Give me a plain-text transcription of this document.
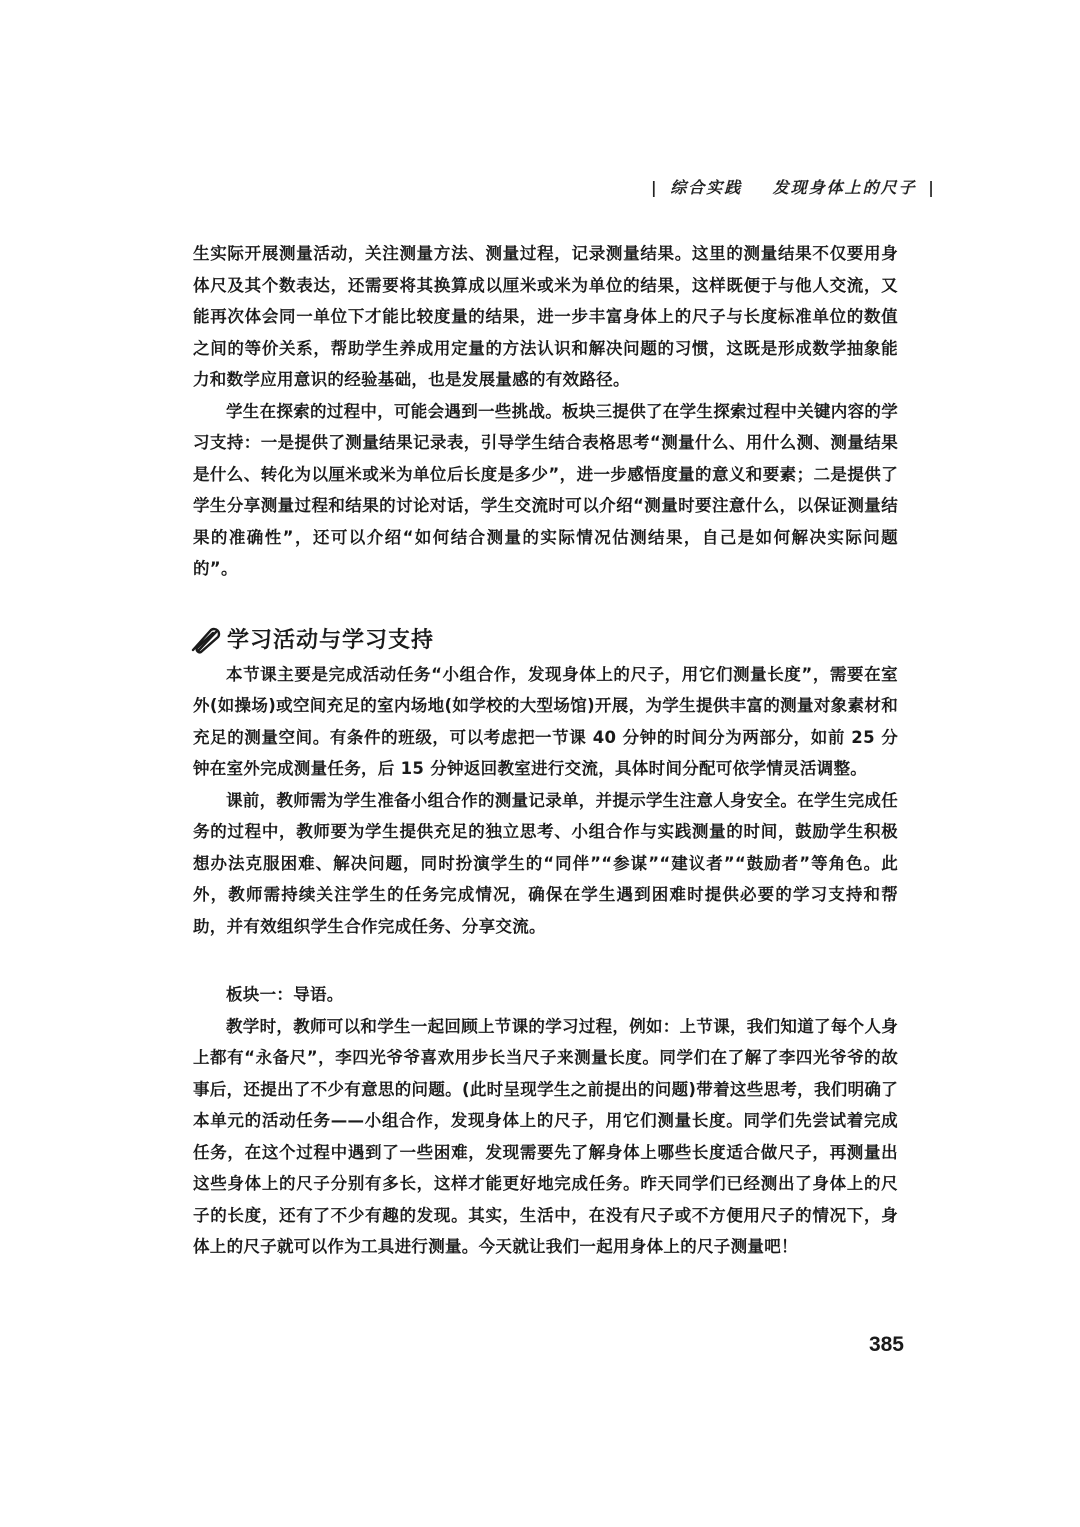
| 综合实践 发现身体上的尺子 |

生实际开展测量活动，关注测量方法、测量过程，记录测量结果。这里的测量结果不仅要用身体尺及其个数表达，还需要将其换算成以厘米或米为单位的结果，这样既便于与他人交流，又能再次体会同一单位下才能比较度量的结果，进一步丰富身体上的尺子与长度标准单位的数值之间的等价关系，帮助学生养成用定量的方法认识和解决问题的习惯，这既是形成数学抽象能力和数学应用意识的经验基础，也是发展量感的有效路径。

学生在探索的过程中，可能会遇到一些挑战。板块三提供了在学生探索过程中关键内容的学习支持：一是提供了测量结果记录表，引导学生结合表格思考“测量什么、用什么测、测量结果是什么、转化为以厘米或米为单位后长度是多少”，进一步感悟度量的意义和要素；二是提供了学生分享测量过程和结果的讨论对话，学生交流时可以介绍“测量时要注意什么，以保证测量结果的准确性”，还可以介绍“如何结合测量的实际情况估测结果，自己是如何解决实际问题的”。

学习活动与学习支持

本节课主要是完成活动任务“小组合作，发现身体上的尺子，用它们测量长度”，需要在室外(如操场)或空间充足的室内场地(如学校的大型场馆)开展，为学生提供丰富的测量对象素材和充足的测量空间。有条件的班级，可以考虑把一节课 40 分钟的时间分为两部分，如前 25 分钟在室外完成测量任务，后 15 分钟返回教室进行交流，具体时间分配可依学情灵活调整。

课前，教师需为学生准备小组合作的测量记录单，并提示学生注意人身安全。在学生完成任务的过程中，教师要为学生提供充足的独立思考、小组合作与实践测量的时间，鼓励学生积极想办法克服困难、解决问题，同时扮演学生的“同伴”“参谋”“建议者”“鼓励者”等角色。此外，教师需持续关注学生的任务完成情况，确保在学生遇到困难时提供必要的学习支持和帮助，并有效组织学生合作完成任务、分享交流。

板块一：导语。

教学时，教师可以和学生一起回顾上节课的学习过程，例如：上节课，我们知道了每个人身上都有“永备尺”，李四光爷爷喜欢用步长当尺子来测量长度。同学们在了解了李四光爷爷的故事后，还提出了不少有意思的问题。(此时呈现学生之前提出的问题)带着这些思考，我们明确了本单元的活动任务——小组合作，发现身体上的尺子，用它们测量长度。同学们先尝试着完成任务，在这个过程中遇到了一些困难，发现需要先了解身体上哪些长度适合做尺子，再测量出这些身体上的尺子分别有多长，这样才能更好地完成任务。昨天同学们已经测出了身体上的尺子的长度，还有了不少有趣的发现。其实，生活中，在没有尺子或不方便用尺子的情况下，身体上的尺子就可以作为工具进行测量。今天就让我们一起用身体上的尺子测量吧！

385
